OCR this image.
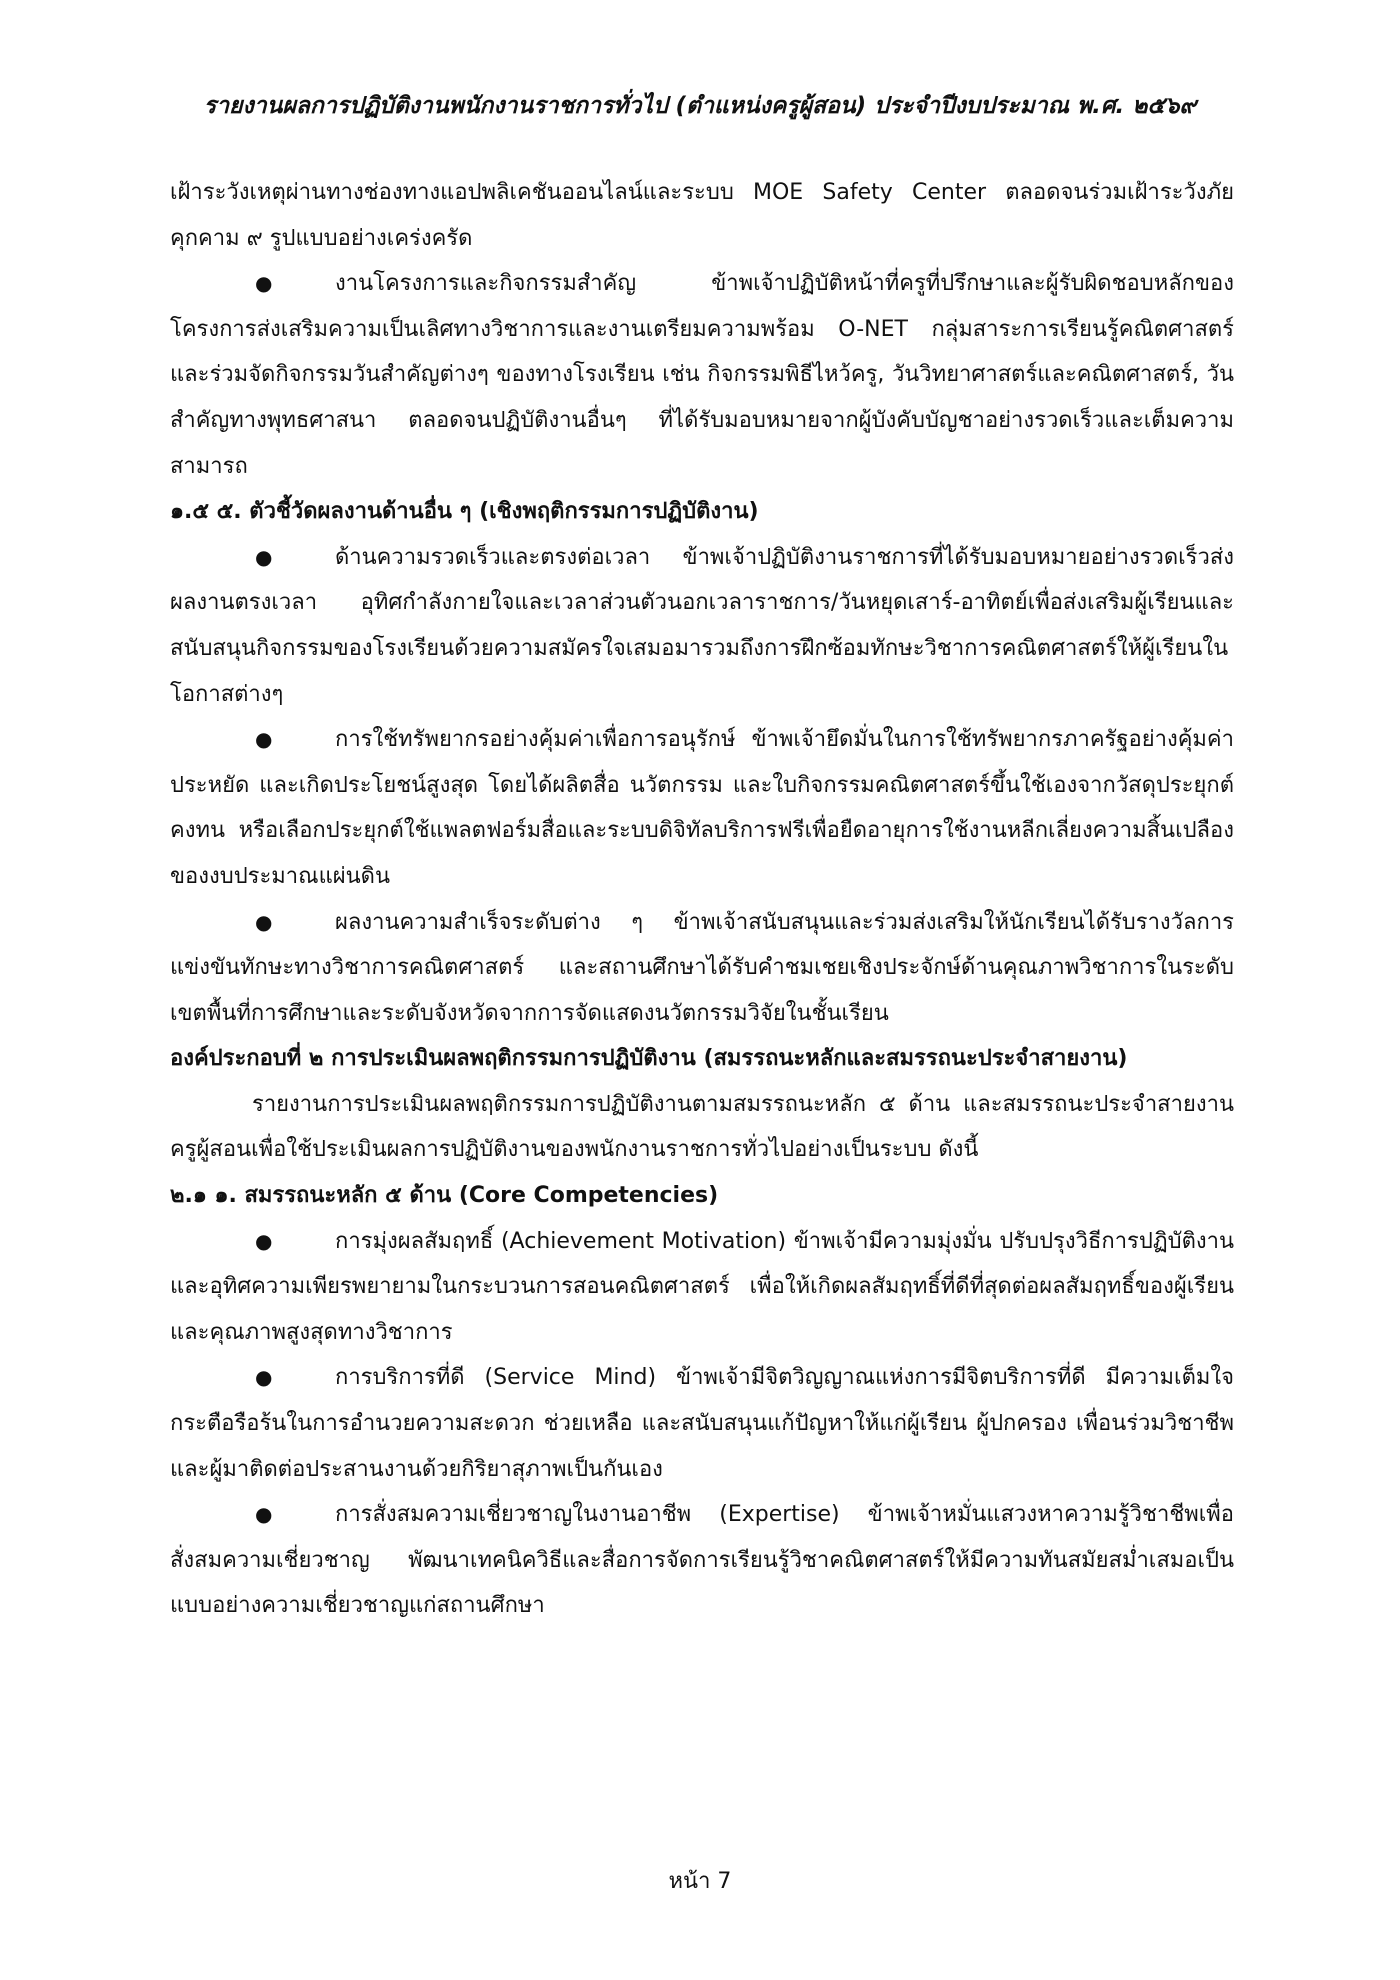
รายงานผลการปฏิบัติงานพนักงานราชการทั่วไป (ตำแหน่งครูผู้สอน) ประจำปีงบประมาณ พ.ศ. ๒๕๖๙

เฝ้าระวังเหตุผ่านทางช่องทางแอปพลิเคชันออนไลน์และระบบ MOE Safety Center ตลอดจนร่วมเฝ้าระวังภัยคุกคาม ๙ รูปแบบอย่างเคร่งครัด

●	งานโครงการและกิจกรรมสำคัญ ข้าพเจ้าปฏิบัติหน้าที่ครูที่ปรึกษาและผู้รับผิดชอบหลักของโครงการส่งเสริมความเป็นเลิศทางวิชาการและงานเตรียมความพร้อม O-NET กลุ่มสาระการเรียนรู้คณิตศาสตร์ และร่วมจัดกิจกรรมวันสำคัญต่างๆ ของทางโรงเรียน เช่น กิจกรรมพิธีไหว้ครู, วันวิทยาศาสตร์และคณิตศาสตร์, วันสำคัญทางพุทธศาสนา ตลอดจนปฏิบัติงานอื่นๆ ที่ได้รับมอบหมายจากผู้บังคับบัญชาอย่างรวดเร็วและเต็มความสามารถ

๑.๕ ๕. ตัวชี้วัดผลงานด้านอื่น ๆ (เชิงพฤติกรรมการปฏิบัติงาน)

●	ด้านความรวดเร็วและตรงต่อเวลา ข้าพเจ้าปฏิบัติงานราชการที่ได้รับมอบหมายอย่างรวดเร็วส่งผลงานตรงเวลา อุทิศกำลังกายใจและเวลาส่วนตัวนอกเวลาราชการ/วันหยุดเสาร์-อาทิตย์เพื่อส่งเสริมผู้เรียนและสนับสนุนกิจกรรมของโรงเรียนด้วยความสมัครใจเสมอมารวมถึงการฝึกซ้อมทักษะวิชาการคณิตศาสตร์ให้ผู้เรียนในโอกาสต่างๆ

●	การใช้ทรัพยากรอย่างคุ้มค่าเพื่อการอนุรักษ์ ข้าพเจ้ายึดมั่นในการใช้ทรัพยากรภาครัฐอย่างคุ้มค่า ประหยัด และเกิดประโยชน์สูงสุด โดยได้ผลิตสื่อ นวัตกรรม และใบกิจกรรมคณิตศาสตร์ขึ้นใช้เองจากวัสดุประยุกต์คงทน หรือเลือกประยุกต์ใช้แพลตฟอร์มสื่อและระบบดิจิทัลบริการฟรีเพื่อยืดอายุการใช้งานหลีกเลี่ยงความสิ้นเปลืองของงบประมาณแผ่นดิน

●	ผลงานความสำเร็จระดับต่าง ๆ ข้าพเจ้าสนับสนุนและร่วมส่งเสริมให้นักเรียนได้รับรางวัลการแข่งขันทักษะทางวิชาการคณิตศาสตร์ และสถานศึกษาได้รับคำชมเชยเชิงประจักษ์ด้านคุณภาพวิชาการในระดับเขตพื้นที่การศึกษาและระดับจังหวัดจากการจัดแสดงนวัตกรรมวิจัยในชั้นเรียน

องค์ประกอบที่ ๒ การประเมินผลพฤติกรรมการปฏิบัติงาน (สมรรถนะหลักและสมรรถนะประจำสายงาน)

รายงานการประเมินผลพฤติกรรมการปฏิบัติงานตามสมรรถนะหลัก ๕ ด้าน และสมรรถนะประจำสายงานครูผู้สอนเพื่อใช้ประเมินผลการปฏิบัติงานของพนักงานราชการทั่วไปอย่างเป็นระบบ ดังนี้

๒.๑ ๑. สมรรถนะหลัก ๕ ด้าน (Core Competencies)

●	การมุ่งผลสัมฤทธิ์ (Achievement Motivation) ข้าพเจ้ามีความมุ่งมั่น ปรับปรุงวิธีการปฏิบัติงาน และอุทิศความเพียรพยายามในกระบวนการสอนคณิตศาสตร์ เพื่อให้เกิดผลสัมฤทธิ์ที่ดีที่สุดต่อผลสัมฤทธิ์ของผู้เรียนและคุณภาพสูงสุดทางวิชาการ

●	การบริการที่ดี (Service Mind) ข้าพเจ้ามีจิตวิญญาณแห่งการมีจิตบริการที่ดี มีความเต็มใจกระตือรือร้นในการอำนวยความสะดวก ช่วยเหลือ และสนับสนุนแก้ปัญหาให้แก่ผู้เรียน ผู้ปกครอง เพื่อนร่วมวิชาชีพ และผู้มาติดต่อประสานงานด้วยกิริยาสุภาพเป็นกันเอง

●	การสั่งสมความเชี่ยวชาญในงานอาชีพ (Expertise) ข้าพเจ้าหมั่นแสวงหาความรู้วิชาชีพเพื่อสั่งสมความเชี่ยวชาญ พัฒนาเทคนิควิธีและสื่อการจัดการเรียนรู้วิชาคณิตศาสตร์ให้มีความทันสมัยสม่ำเสมอเป็นแบบอย่างความเชี่ยวชาญแก่สถานศึกษา

หน้า 7
